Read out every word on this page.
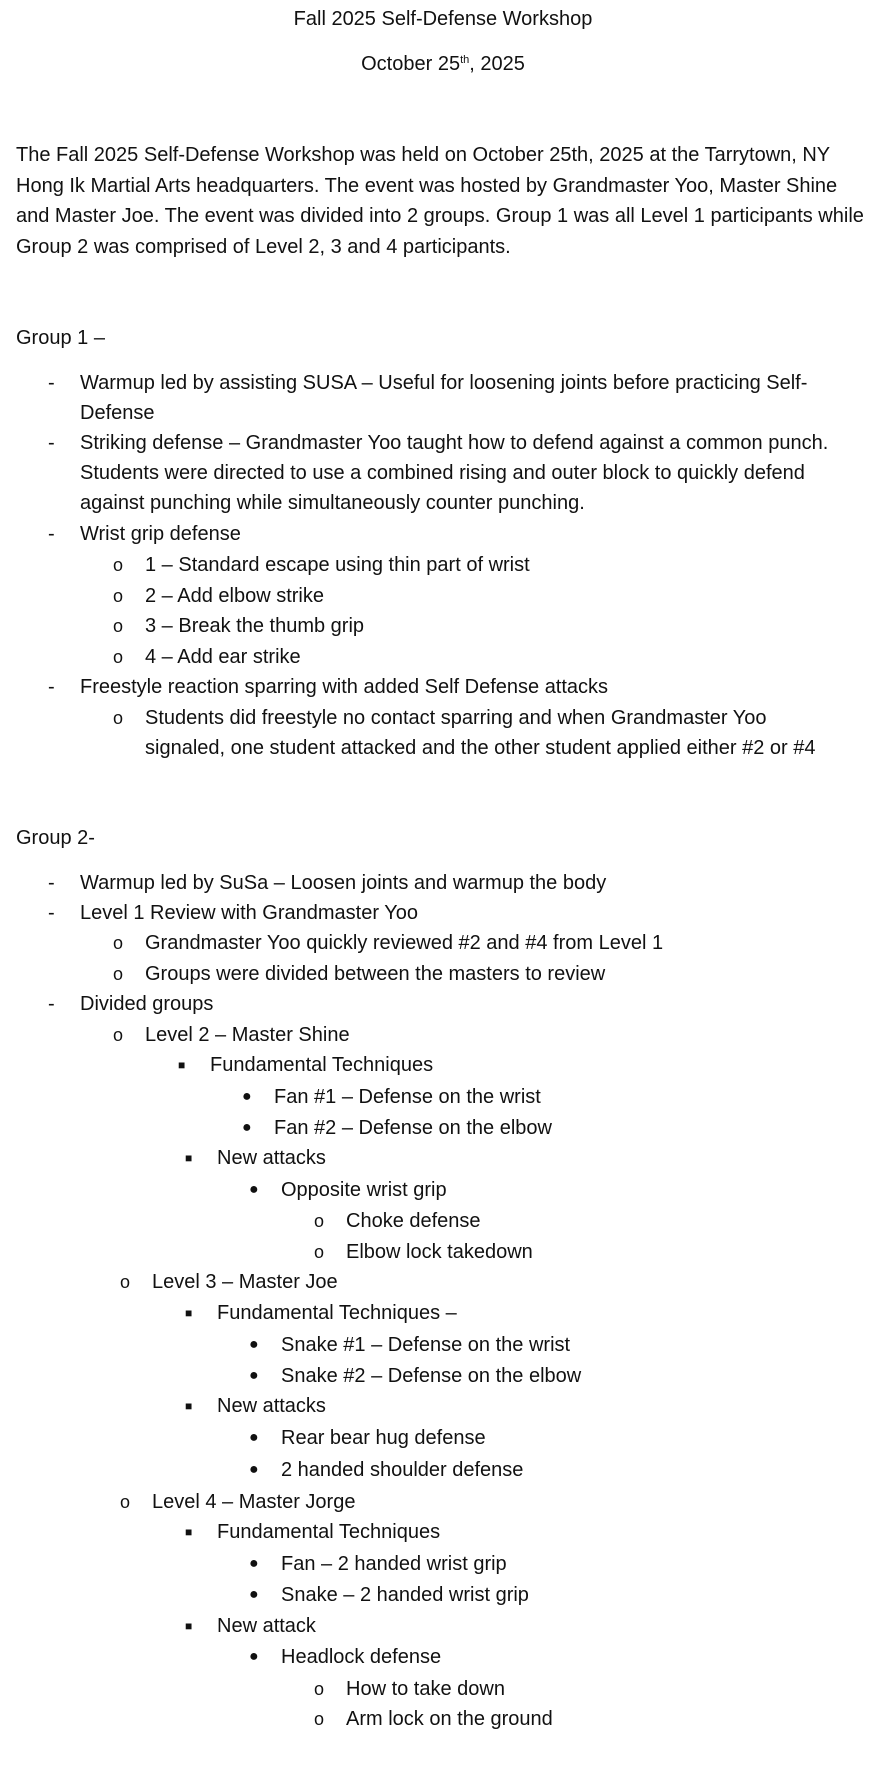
Fall 2025 Self-Defense Workshop
October 25th, 2025
The Fall 2025 Self-Defense Workshop was held on October 25th, 2025 at the Tarrytown, NY Hong Ik Martial Arts headquarters. The event was hosted by Grandmaster Yoo, Master Shine and Master Joe. The event was divided into 2 groups. Group 1 was all Level 1 participants while Group 2 was comprised of Level 2, 3 and 4 participants.
Group 1 –
- Warmup led by assisting SUSA – Useful for loosening joints before practicing Self-
Defense
- Striking defense – Grandmaster Yoo taught how to defend against a common punch.
Students were directed to use a combined rising and outer block to quickly defend
against punching while simultaneously counter punching.
- Wrist grip defense
o 1 – Standard escape using thin part of wrist
o 2 – Add elbow strike
o 3 – Break the thumb grip
o 4 – Add ear strike
- Freestyle reaction sparring with added Self Defense attacks
o Students did freestyle no contact sparring and when Grandmaster Yoo
signaled, one student attacked and the other student applied either #2 or #4
Group 2-
- Warmup led by SuSa – Loosen joints and warmup the body
- Level 1 Review with Grandmaster Yoo
o Grandmaster Yoo quickly reviewed #2 and #4 from Level 1
o Groups were divided between the masters to review
- Divided groups
o Level 2 – Master Shine
■ Fundamental Techniques
● Fan #1 – Defense on the wrist
● Fan #2 – Defense on the elbow
■ New attacks
● Opposite wrist grip
o Choke defense
o Elbow lock takedown
o Level 3 – Master Joe
■ Fundamental Techniques –
● Snake #1 – Defense on the wrist
● Snake #2 – Defense on the elbow
■ New attacks
● Rear bear hug defense
● 2 handed shoulder defense
o Level 4 – Master Jorge
■ Fundamental Techniques
● Fan – 2 handed wrist grip
● Snake – 2 handed wrist grip
■ New attack
● Headlock defense
o How to take down
o Arm lock on the ground
